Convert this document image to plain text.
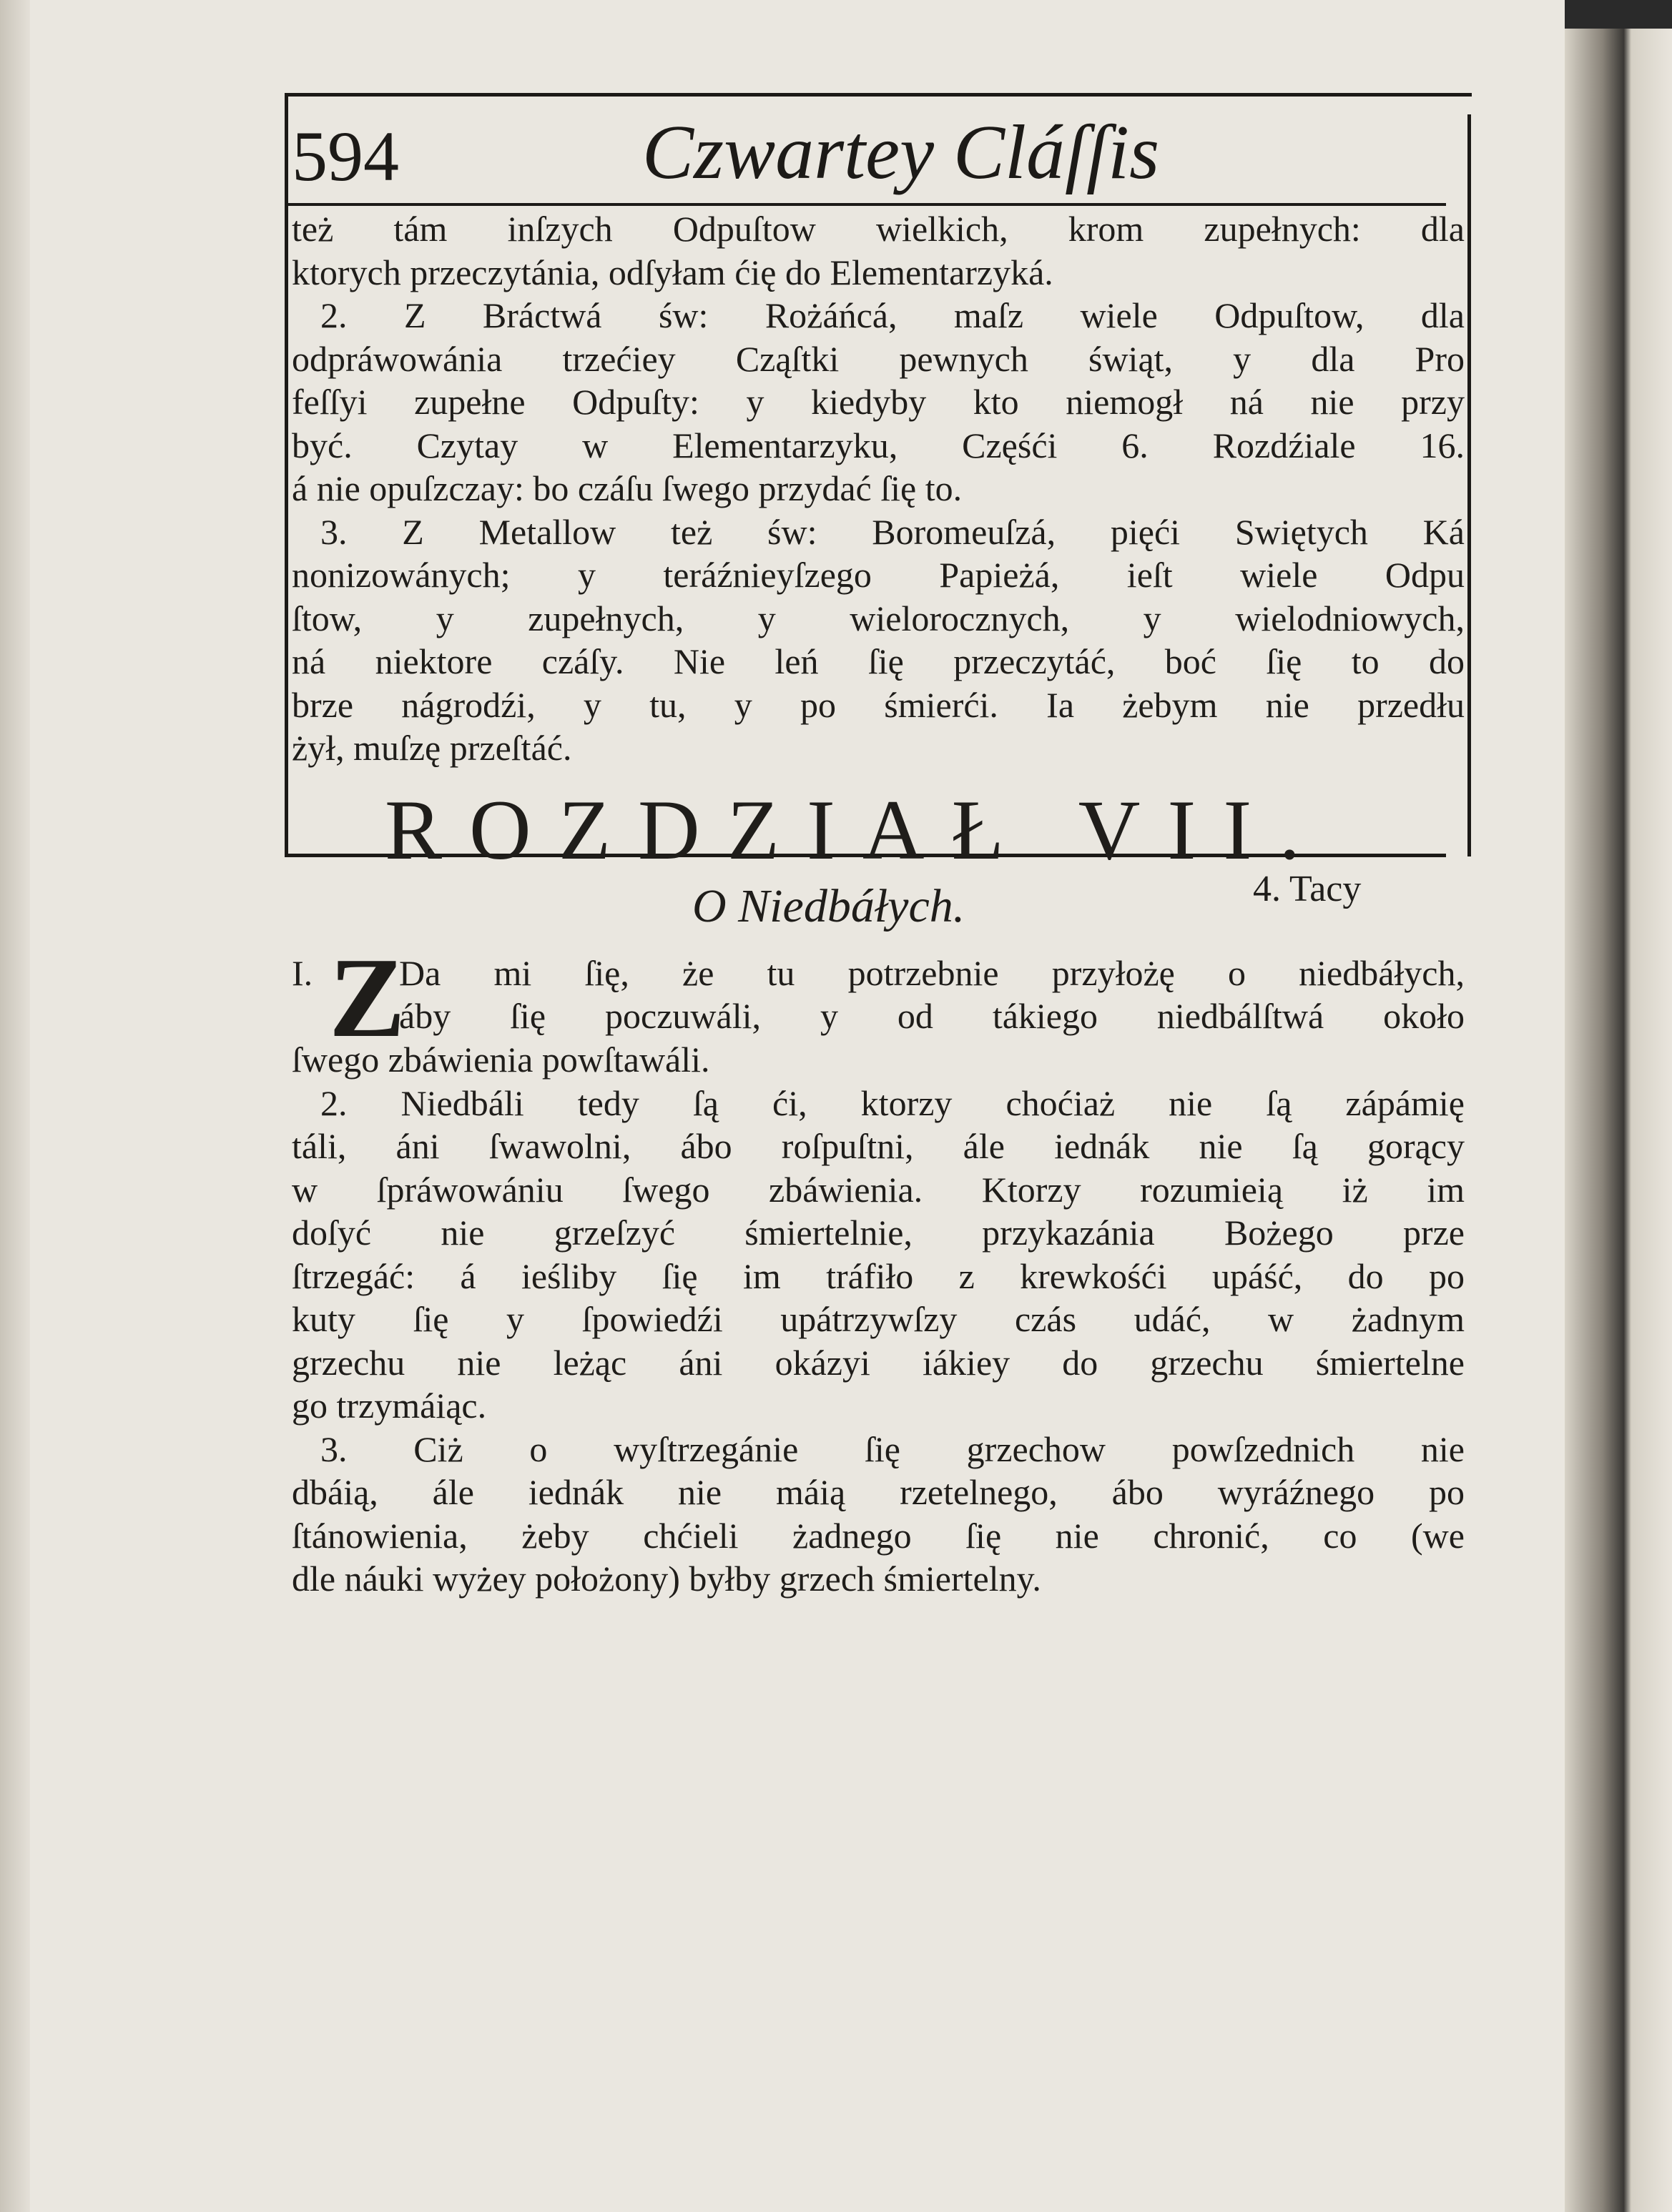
594	Czwartey Cláſſis
też tám inſzych Odpuſtow wielkich, krom zupełnych: dla
ktorych przeczytánia, odſyłam ćię do Elementarzyká.
2. Z Bráctwá św: Rożáńcá, maſz wiele Odpuſtow, dla
odpráwowánia trzećiey Cząſtki pewnych świąt, y dla Pro
feſſyi zupełne Odpuſty: y kiedyby kto niemogł ná nie przy
być. Czytay w Elementarzyku, Częśći 6. Rozdźiale 16.
á nie opuſzczay: bo czáſu ſwego przydać ſię to.
3. Z Metallow też św: Boromeuſzá, pięći Swiętych Ká
nonizowánych; y teráźnieyſzego Papieżá, ieſt wiele Odpu
ſtow, y zupełnych, y wielorocznych, y wielodniowych,
ná niektore czáſy. Nie leń ſię przeczytáć, boć ſię to do
brze nágrodźi, y tu, y po śmierći. Ia żebym nie przedłu
żył, muſzę przeſtáć.
ROZDZIAŁ VII.
O Niedbáłych.
I. Z
Da mi ſię, że tu potrzebnie przyłożę o niedbáłych,
áby ſię poczuwáli, y od tákiego niedbálſtwá około
ſwego zbáwienia powſtawáli.
2. Niedbáli tedy ſą ći, ktorzy choćiaż nie ſą zápámię
táli, áni ſwawolni, ábo roſpuſtni, ále iednák nie ſą gorący
w ſpráwowániu ſwego zbáwienia. Ktorzy rozumieią iż im
doſyć nie grzeſzyć śmiertelnie, przykazánia Bożego prze
ſtrzegáć: á ieśliby ſię im tráfiło z krewkośći upáść, do po
kuty ſię y ſpowiedźi upátrzywſzy czás udáć, w żadnym
grzechu nie leżąc áni okázyi iákiey do grzechu śmiertelne
go trzymáiąc.
3. Ciż o wyſtrzegánie ſię grzechow powſzednich nie
dbáią, ále iednák nie máią rzetelnego, ábo wyráźnego po
ſtánowienia, żeby chćieli żadnego ſię nie chronić, co (we
dle náuki wyżey położony) byłby grzech śmiertelny.
4. Tacy
